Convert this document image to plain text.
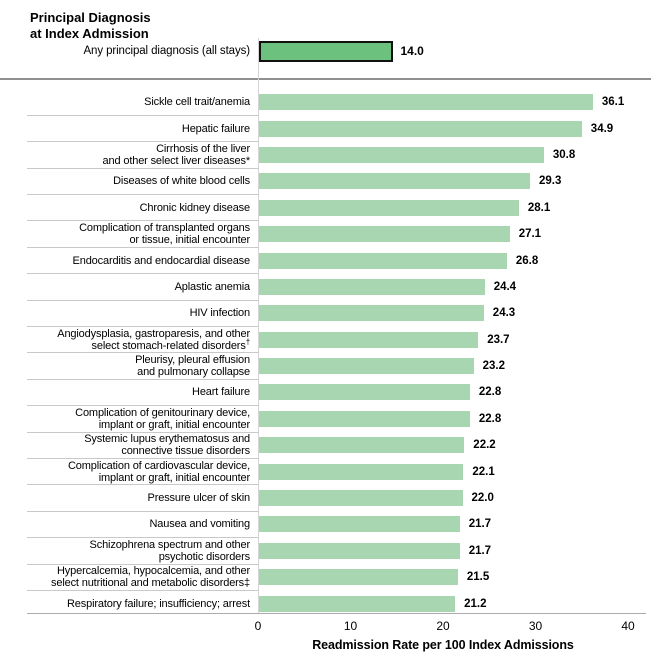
Principal Diagnosis
at Index Admission
Any principal diagnosis (all stays)	14.0
Sickle cell trait/anemia	36.1
Hepatic failure	34.9
Cirrhosis of the liver
and other select liver diseases*	30.8
Diseases of white blood cells	29.3
Chronic kidney disease	28.1
Complication of transplanted organs
or tissue, initial encounter	27.1
Endocarditis and endocardial disease	26.8
Aplastic anemia	24.4
HIV infection	24.3
Angiodysplasia, gastroparesis, and other
select stomach-related disorders†	23.7
Pleurisy, pleural effusion
and pulmonary collapse	23.2
Heart failure	22.8
Complication of genitourinary device,
implant or graft, initial encounter	22.8
Systemic lupus erythematosus and
connective tissue disorders	22.2
Complication of cardiovascular device,
implant or graft, initial encounter	22.1
Pressure ulcer of skin	22.0
Nausea and vomiting	21.7
Schizophrena spectrum and other
psychotic disorders	21.7
Hypercalcemia, hypocalcemia, and other
select nutritional and metabolic disorders‡	21.5
Respiratory failure; insufficiency; arrest	21.2
0	10	20	30	40
Readmission Rate per 100 Index Admissions
